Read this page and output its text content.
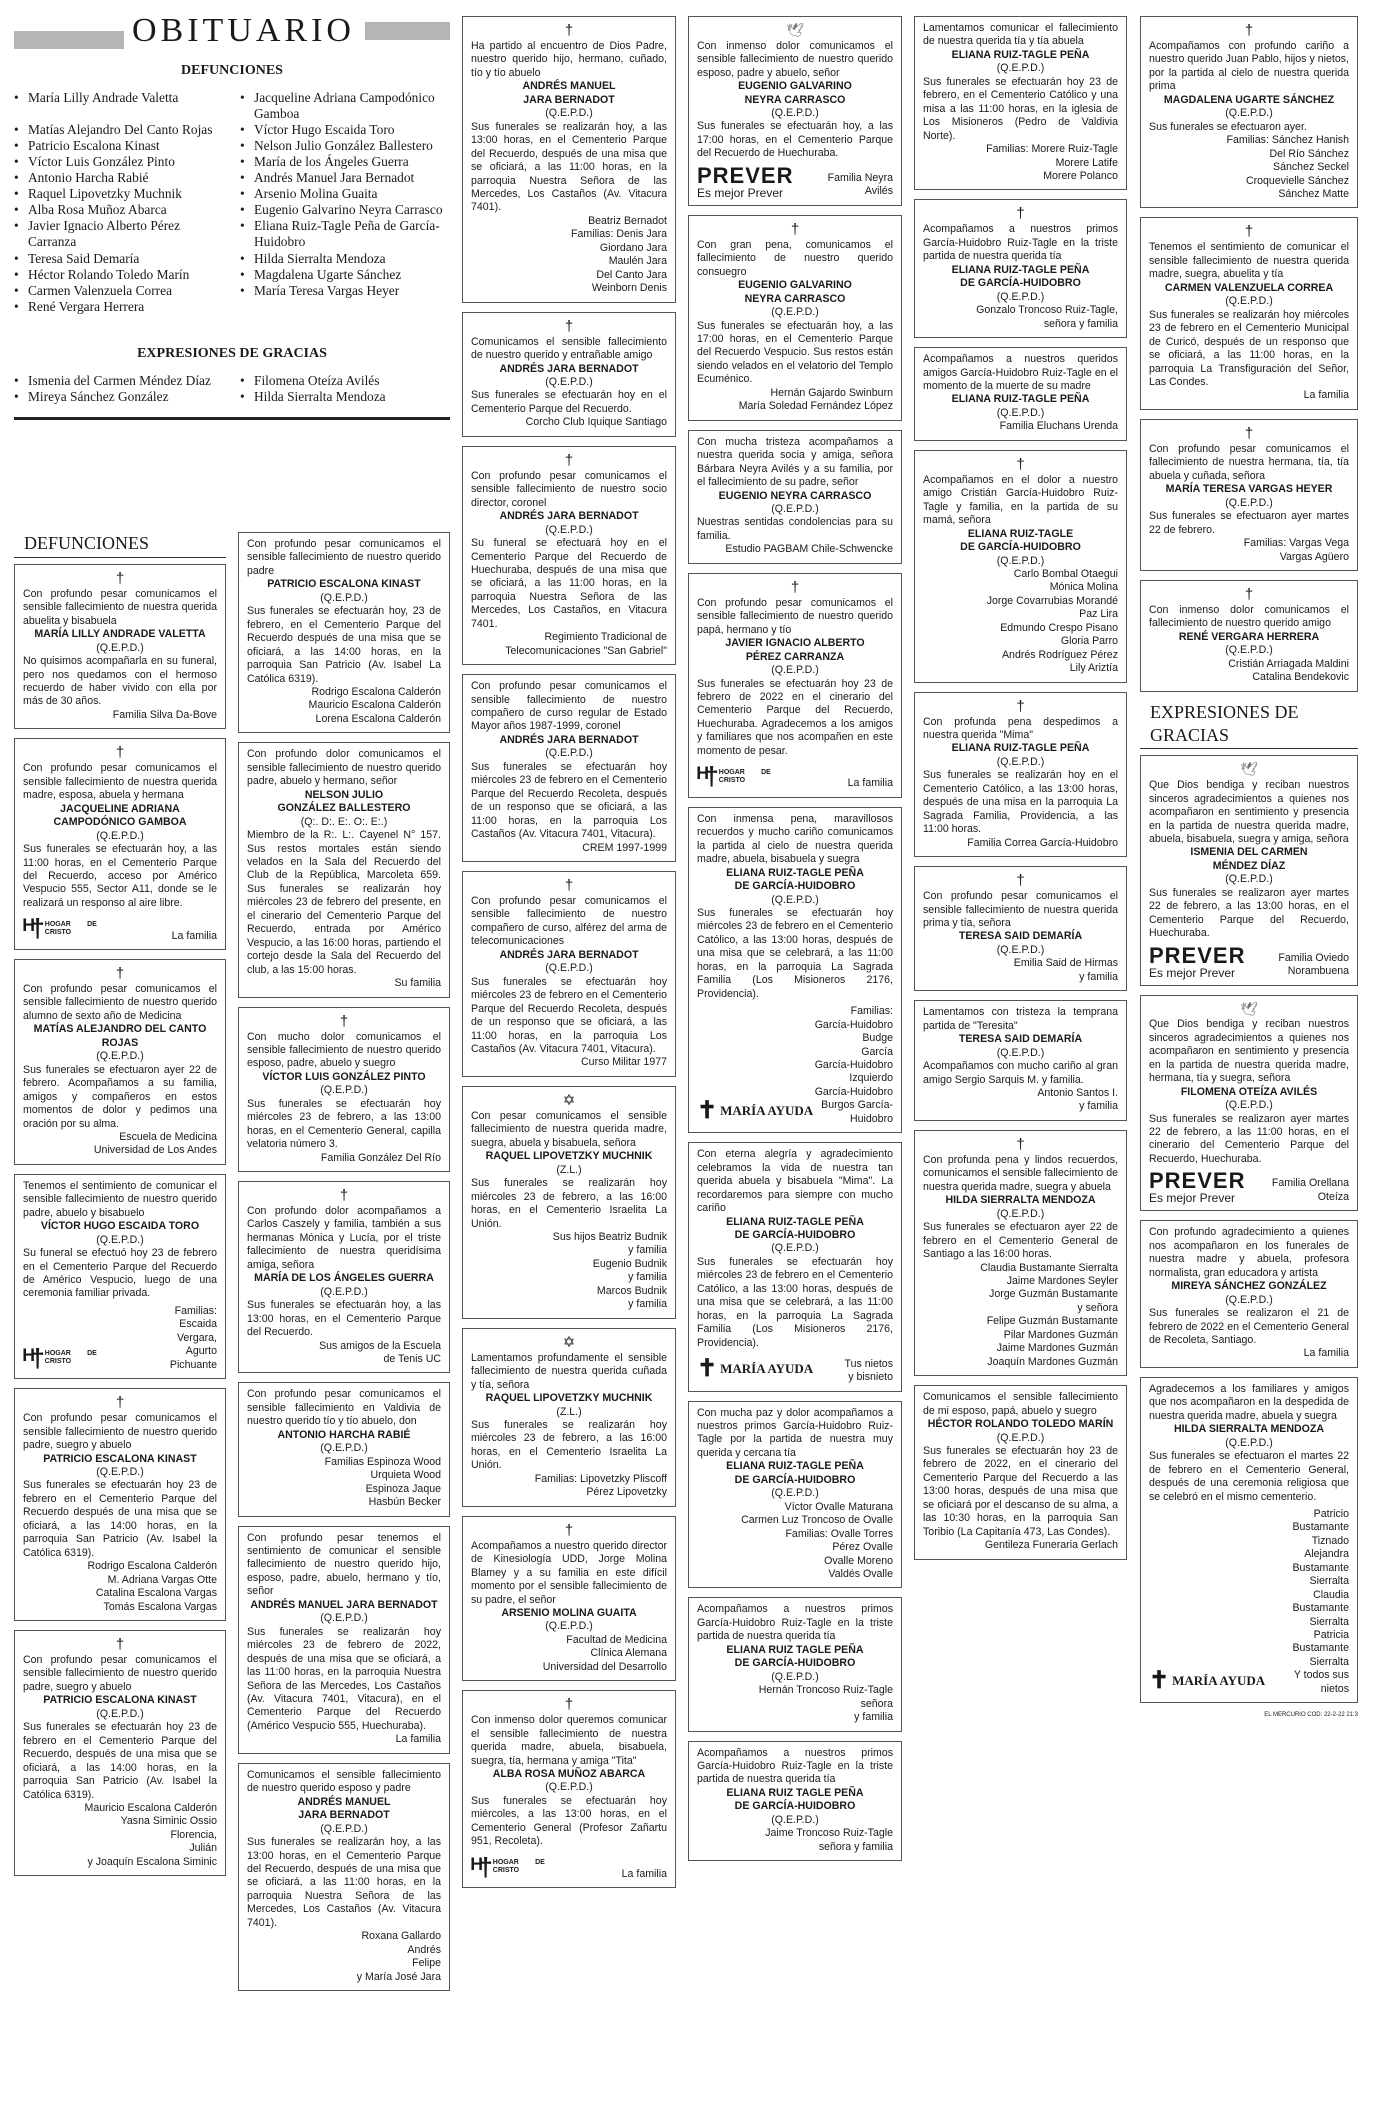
OBITUARIO
DEFUNCIONES
• María Lilly Andrade Valetta	• Jacqueline Adriana Campodónico Gamboa
• Matías Alejandro Del Canto Rojas	• Víctor Hugo Escaida Toro
• Patricio Escalona Kinast	• Nelson Julio González Ballestero
• Víctor Luis González Pinto	• María de los Ángeles Guerra
• Antonio Harcha Rabié	• Andrés Manuel Jara Bernadot
• Raquel Lipovetzky Muchnik	• Arsenio Molina Guaita
• Alba Rosa Muñoz Abarca	• Eugenio Galvarino Neyra Carrasco
• Javier Ignacio Alberto Pérez Carranza
• Eliana Ruiz-Tagle Peña de García-Huidobro
• Teresa Said Demaría	• Hilda Sierralta Mendoza
• Héctor Rolando Toledo Marín	• Magdalena Ugarte Sánchez
• Carmen Valenzuela Correa	• María Teresa Vargas Heyer
• René Vergara Herrera
EXPRESIONES DE GRACIAS
• Ismenia del Carmen Méndez Díaz	• Filomena Oteíza Avilés
• Mireya Sánchez González	• Hilda Sierralta Mendoza
DEFUNCIONES
†
Con profundo pesar comunicamos el sensible fallecimiento de nuestra querida abuelita y bisabuela
MARÍA LILLY ANDRADE VALETTA
(Q.E.P.D.)
No quisimos acompañarla en su funeral, pero nos quedamos con el hermoso recuerdo de haber vivido con ella por más de 30 años.
Familia Silva Da-Bove
†
Con profundo pesar comunicamos el sensible fallecimiento de nuestra querida madre, esposa, abuela y hermana
JACQUELINE ADRIANA CAMPODÓNICO GAMBOA
(Q.E.P.D.)
Sus funerales se efectuarán hoy, a las 11:00 horas, en el Cementerio Parque del Recuerdo, acceso por Américo Vespucio 555, Sector A11, donde se le realizará un responso al aire libre.
ᴴ† HOGAR DE CRISTO	La familia
†
Con profundo pesar comunicamos el sensible fallecimiento de nuestro querido alumno de sexto año de Medicina
MATÍAS ALEJANDRO DEL CANTO ROJAS
(Q.E.P.D.)
Sus funerales se efectuaron ayer 22 de febrero. Acompañamos a su familia, amigos y compañeros en estos momentos de dolor y pedimos una oración por su alma.
Escuela de Medicina
Universidad de Los Andes
Tenemos el sentimiento de comunicar el sensible fallecimiento de nuestro querido padre, abuelo y bisabuelo
VÍCTOR HUGO ESCAIDA TORO
(Q.E.P.D.)
Su funeral se efectuó hoy 23 de febrero en el Cementerio Parque del Recuerdo de Américo Vespucio, luego de una ceremonia familiar privada.
ᴴ† HOGAR DE CRISTO
Familias:
Escaida
Vergara,
Agurto
Pichuante
†
Con profundo pesar comunicamos el sensible fallecimiento de nuestro querido padre, suegro y abuelo
PATRICIO ESCALONA KINAST
(Q.E.P.D.)
Sus funerales se efectuarán hoy 23 de febrero en el Cementerio Parque del Recuerdo después de una misa que se oficiará, a las 14:00 horas, en la parroquia San Patricio (Av. Isabel la Católica 6319).
Rodrigo Escalona Calderón
M. Adriana Vargas Otte
Catalina Escalona Vargas
Tomás Escalona Vargas
†
Con profundo pesar comunicamos el sensible fallecimiento de nuestro querido padre, suegro y abuelo
PATRICIO ESCALONA KINAST
(Q.E.P.D.)
Sus funerales se efectuarán hoy 23 de febrero en el Cementerio Parque del Recuerdo, después de una misa que se oficiará, a las 14:00 horas, en la parroquia San Patricio (Av. Isabel la Católica 6319).
Mauricio Escalona Calderón
Yasna Siminic Ossio
Florencia,
Julián
y Joaquín Escalona Siminic
Con profundo pesar comunicamos el sensible fallecimiento de nuestro querido padre
PATRICIO ESCALONA KINAST
(Q.E.P.D.)
Sus funerales se efectuarán hoy, 23 de febrero, en el Cementerio Parque del Recuerdo después de una misa que se oficiará, a las 14:00 horas, en la parroquia San Patricio (Av. Isabel La Católica 6319).
Rodrigo Escalona Calderón
Mauricio Escalona Calderón
Lorena Escalona Calderón
Con profundo dolor comunicamos el sensible fallecimiento de nuestro querido padre, abuelo y hermano, señor
NELSON JULIO
GONZÁLEZ BALLESTERO
(Q:. D:. E:. O:. E:.)
Miembro de la R:. L:. Cayenel N° 157. Sus restos mortales están siendo velados en la Sala del Recuerdo del Club de la República, Marcoleta 659. Sus funerales se realizarán hoy miércoles 23 de febrero del presente, en el cinerario del Cementerio Parque del Recuerdo, entrada por Américo Vespucio, a las 16:00 horas, partiendo el cortejo desde la Sala del Recuerdo del club, a las 15:00 horas.
Su familia
†
Con mucho dolor comunicamos el sensible fallecimiento de nuestro querido esposo, padre, abuelo y suegro
VÍCTOR LUIS GONZÁLEZ PINTO
(Q.E.P.D.)
Sus funerales se efectuarán hoy miércoles 23 de febrero, a las 13:00 horas, en el Cementerio General, capilla velatoria número 3.
Familia González Del Río
†
Con profundo dolor acompañamos a Carlos Caszely y familia, también a sus hermanas Mónica y Lucía, por el triste fallecimiento de nuestra queridísima amiga, señora
MARÍA DE LOS ÁNGELES GUERRA
(Q.E.P.D.)
Sus funerales se efectuarán hoy, a las 13:00 horas, en el Cementerio Parque del Recuerdo.
Sus amigos de la Escuela
de Tenis UC
Con profundo pesar comunicamos el sensible fallecimiento en Valdivia de nuestro querido tío y tío abuelo, don
ANTONIO HARCHA RABIÉ
(Q.E.P.D.)
Familias Espinoza Wood
Urquieta Wood
Espinoza Jaque
Hasbún Becker
Con profundo pesar tenemos el sentimiento de comunicar el sensible fallecimiento de nuestro querido hijo, esposo, padre, abuelo, hermano y tío, señor
ANDRÉS MANUEL JARA BERNADOT
(Q.E.P.D.)
Sus funerales se realizarán hoy miércoles 23 de febrero de 2022, después de una misa que se oficiará, a las 11:00 horas, en la parroquia Nuestra Señora de las Mercedes, Los Castaños (Av. Vitacura 7401, Vitacura), en el Cementerio Parque del Recuerdo (Américo Vespucio 555, Huechuraba).
La familia
Comunicamos el sensible fallecimiento de nuestro querido esposo y padre
ANDRÉS MANUEL
JARA BERNADOT
(Q.E.P.D.)
Sus funerales se realizarán hoy, a las 13:00 horas, en el Cementerio Parque del Recuerdo, después de una misa que se oficiará, a las 11:00 horas, en la parroquia Nuestra Señora de las Mercedes, Los Castaños (Av. Vitacura 7401).
Roxana Gallardo
Andrés
Felipe
y María José Jara
†
Ha partido al encuentro de Dios Padre, nuestro querido hijo, hermano, cuñado, tío y tío abuelo
ANDRÉS MANUEL
JARA BERNADOT
(Q.E.P.D.)
Sus funerales se realizarán hoy, a las 13:00 horas, en el Cementerio Parque del Recuerdo, después de una misa que se oficiará, a las 11:00 horas, en la parroquia Nuestra Señora de las Mercedes, Los Castaños (Av. Vitacura 7401).
Beatriz Bernadot
Familias: Denis Jara
Giordano Jara
Maulén Jara
Del Canto Jara
Weinborn Denis
†
Comunicamos el sensible fallecimiento de nuestro querido y entrañable amigo
ANDRÉS JARA BERNADOT
(Q.E.P.D.)
Sus funerales se efectuarán hoy en el Cementerio Parque del Recuerdo.
Corcho Club Iquique Santiago
†
Con profundo pesar comunicamos el sensible fallecimiento de nuestro socio director, coronel
ANDRÉS JARA BERNADOT
(Q.E.P.D.)
Su funeral se efectuará hoy en el Cementerio Parque del Recuerdo de Huechuraba, después de una misa que se oficiará, a las 11:00 horas, en la parroquia Nuestra Señora de las Mercedes, Los Castaños, en Vitacura 7401.
Regimiento Tradicional de
Telecomunicaciones "San Gabriel"
Con profundo pesar comunicamos el sensible fallecimiento de nuestro compañero de curso regular de Estado Mayor años 1987-1999, coronel
ANDRÉS JARA BERNADOT
(Q.E.P.D.)
Sus funerales se efectuarán hoy miércoles 23 de febrero en el Cementerio Parque del Recuerdo Recoleta, después de un responso que se oficiará, a las 11:00 horas, en la parroquia Los Castaños (Av. Vitacura 7401, Vitacura).
CREM 1997-1999
†
Con profundo pesar comunicamos el sensible fallecimiento de nuestro compañero de curso, alférez del arma de telecomunicaciones
ANDRÉS JARA BERNADOT
(Q.E.P.D.)
Sus funerales se efectuarán hoy miércoles 23 de febrero en el Cementerio Parque del Recuerdo Recoleta, después de un responso que se oficiará, a las 11:00 horas, en la parroquia Los Castaños (Av. Vitacura 7401, Vitacura).
Curso Militar 1977
✡
Con pesar comunicamos el sensible fallecimiento de nuestra querida madre, suegra, abuela y bisabuela, señora
RAQUEL LIPOVETZKY MUCHNIK
(Z.L.)
Sus funerales se realizarán hoy miércoles 23 de febrero, a las 16:00 horas, en el Cementerio Israelita La Unión.
Sus hijos Beatriz Budnik
y familia
Eugenio Budnik
y familia
Marcos Budnik
y familia
✡
Lamentamos profundamente el sensible fallecimiento de nuestra querida cuñada y tía, señora
RAQUEL LIPOVETZKY MUCHNIK
(Z.L.)
Sus funerales se realizarán hoy miércoles 23 de febrero, a las 16:00 horas, en el Cementerio Israelita La Unión.
Familias: Lipovetzky Pliscoff
Pérez Lipovetzky
†
Acompañamos a nuestro querido director de Kinesiología UDD, Jorge Molina Blamey y a su familia en este difícil momento por el sensible fallecimiento de su padre, el señor
ARSENIO MOLINA GUAITA
(Q.E.P.D.)
Facultad de Medicina
Clínica Alemana
Universidad del Desarrollo
†
Con inmenso dolor queremos comunicar el sensible fallecimiento de nuestra querida madre, abuela, bisabuela, suegra, tía, hermana y amiga "Tita"
ALBA ROSA MUÑOZ ABARCA
(Q.E.P.D.)
Sus funerales se efectuarán hoy miércoles, a las 13:00 horas, en el Cementerio General (Profesor Zañartu 951, Recoleta).
ᴴ† HOGAR DE CRISTO	La familia
🕊
Con inmenso dolor comunicamos el sensible fallecimiento de nuestro querido esposo, padre y abuelo, señor
EUGENIO GALVARINO
NEYRA CARRASCO
(Q.E.P.D.)
Sus funerales se efectuarán hoy, a las 17:00 horas, en el Cementerio Parque del Recuerdo de Huechuraba.
PREVER
Es mejor Prever
Familia Neyra
Avilés
†
Con gran pena, comunicamos el fallecimiento de nuestro querido consuegro
EUGENIO GALVARINO
NEYRA CARRASCO
(Q.E.P.D.)
Sus funerales se efectuarán hoy, a las 17:00 horas, en el Cementerio Parque del Recuerdo Vespucio. Sus restos están siendo velados en el velatorio del Templo Ecuménico.
Hernán Gajardo Swinburn
María Soledad Fernández López
Con mucha tristeza acompañamos a nuestra querida socia y amiga, señora Bárbara Neyra Avilés y a su familia, por el fallecimiento de su padre, señor
EUGENIO NEYRA CARRASCO
(Q.E.P.D.)
Nuestras sentidas condolencias para su familia.
Estudio PAGBAM Chile-Schwencke
†
Con profundo pesar comunicamos el sensible fallecimiento de nuestro querido papá, hermano y tío
JAVIER IGNACIO ALBERTO
PÉREZ CARRANZA
(Q.E.P.D.)
Sus funerales se efectuarán hoy 23 de febrero de 2022 en el cinerario del Cementerio Parque del Recuerdo, Huechuraba. Agradecemos a los amigos y familiares que nos acompañen en este momento de pesar.
ᴴ† HOGAR DE CRISTO	La familia
Con inmensa pena, maravillosos recuerdos y mucho cariño comunicamos la partida al cielo de nuestra querida madre, abuela, bisabuela y suegra
ELIANA RUIZ-TAGLE PEÑA
DE GARCÍA-HUIDOBRO
(Q.E.P.D.)
Sus funerales se efectuarán hoy miércoles 23 de febrero en el Cementerio Católico, a las 13:00 horas, después de una misa que se celebrará, a las 11:00 horas, en la parroquia La Sagrada Familia (Los Misioneros 2176, Providencia).
✝ MARÍA AYUDA
Familias:
García-Huidobro
Budge
García
García-Huidobro
Izquierdo García-Huidobro
Burgos García-Huidobro
Con eterna alegría y agradecimiento celebramos la vida de nuestra tan querida abuela y bisabuela "Mima". La recordaremos para siempre con mucho cariño
ELIANA RUIZ-TAGLE PEÑA
DE GARCÍA-HUIDOBRO
(Q.E.P.D.)
Sus funerales se efectuarán hoy miércoles 23 de febrero en el Cementerio Católico, a las 13:00 horas, después de una misa que se celebrará, a las 11:00 horas, en la parroquia La Sagrada Familia (Los Misioneros 2176, Providencia).
✝ MARÍA AYUDA	Tus nietos
y bisnieto
Con mucha paz y dolor acompañamos a nuestros primos García-Huidobro Ruiz-Tagle por la partida de nuestra muy querida y cercana tía
ELIANA RUIZ-TAGLE PEÑA
DE GARCÍA-HUIDOBRO
(Q.E.P.D.)
Víctor Ovalle Maturana
Carmen Luz Troncoso de Ovalle
Familias: Ovalle Torres
Pérez Ovalle
Ovalle Moreno
Valdés Ovalle
Acompañamos a nuestros primos García-Huidobro Ruiz-Tagle en la triste partida de nuestra querida tía
ELIANA RUIZ TAGLE PEÑA
DE GARCÍA-HUIDOBRO
(Q.E.P.D.)
Hernán Troncoso Ruiz-Tagle
señora
y familia
Acompañamos a nuestros primos García-Huidobro Ruiz-Tagle en la triste partida de nuestra querida tía
ELIANA RUIZ TAGLE PEÑA
DE GARCÍA-HUIDOBRO
(Q.E.P.D.)
Jaime Troncoso Ruiz-Tagle
señora y familia
Lamentamos comunicar el fallecimiento de nuestra querida tía y tía abuela
ELIANA RUIZ-TAGLE PEÑA
(Q.E.P.D.)
Sus funerales se efectuarán hoy 23 de febrero, en el Cementerio Católico y una misa a las 11:00 horas, en la iglesia de Los Misioneros (Pedro de Valdivia Norte).
Familias: Morere Ruiz-Tagle
Morere Latife
Morere Polanco
†
Acompañamos a nuestros primos García-Huidobro Ruiz-Tagle en la triste partida de nuestra querida tía
ELIANA RUIZ-TAGLE PEÑA
DE GARCÍA-HUIDOBRO
(Q.E.P.D.)
Gonzalo Troncoso Ruiz-Tagle,
señora y familia
Acompañamos a nuestros queridos amigos García-Huidobro Ruiz-Tagle en el momento de la muerte de su madre
ELIANA RUIZ-TAGLE PEÑA
(Q.E.P.D.)
Familia Eluchans Urenda
†
Acompañamos en el dolor a nuestro amigo Cristián García-Huidobro Ruiz-Tagle y familia, en la partida de su mamá, señora
ELIANA RUIZ-TAGLE
DE GARCÍA-HUIDOBRO
(Q.E.P.D.)
Carlo Bombal Otaegui
Mónica Molina
Jorge Covarrubias Morandé
Paz Lira
Edmundo Crespo Pisano
Gloria Parro
Andrés Rodríguez Pérez
Lily Ariztía
†
Con profunda pena despedimos a nuestra querida "Mima"
ELIANA RUIZ-TAGLE PEÑA
(Q.E.P.D.)
Sus funerales se realizarán hoy en el Cementerio Católico, a las 13:00 horas, después de una misa en la parroquia La Sagrada Familia, Providencia, a las 11:00 horas.
Familia Correa García-Huidobro
†
Con profundo pesar comunicamos el sensible fallecimiento de nuestra querida prima y tía, señora
TERESA SAID DEMARÍA
(Q.E.P.D.)
Emilia Said de Hirmas
y familia
Lamentamos con tristeza la temprana partida de "Teresita"
TERESA SAID DEMARÍA
(Q.E.P.D.)
Acompañamos con mucho cariño al gran amigo Sergio Sarquis M. y familia.
Antonio Santos I.
y familia
†
Con profunda pena y lindos recuerdos, comunicamos el sensible fallecimiento de nuestra querida madre, suegra y abuela
HILDA SIERRALTA MENDOZA
(Q.E.P.D.)
Sus funerales se efectuaron ayer 22 de febrero en el Cementerio General de Santiago a las 16:00 horas.
Claudia Bustamante Sierralta
Jaime Mardones Seyler
Jorge Guzmán Bustamante
y señora
Felipe Guzmán Bustamante
Pilar Mardones Guzmán
Jaime Mardones Guzmán
Joaquín Mardones Guzmán
Comunicamos el sensible fallecimiento de mi esposo, papá, abuelo y suegro
HÉCTOR ROLANDO TOLEDO MARÍN
(Q.E.P.D.)
Sus funerales se efectuarán hoy 23 de febrero de 2022, en el cinerario del Cementerio Parque del Recuerdo a las 13:00 horas, después de una misa que se oficiará por el descanso de su alma, a las 10:30 horas, en la parroquia San Toribio (La Capitanía 473, Las Condes).
Gentileza Funeraria Gerlach
†
Acompañamos con profundo cariño a nuestro querido Juan Pablo, hijos y nietos, por la partida al cielo de nuestra querida prima
MAGDALENA UGARTE SÁNCHEZ
(Q.E.P.D.)
Sus funerales se efectuaron ayer.
Familias: Sánchez Hanish
Del Río Sánchez
Sánchez Seckel
Croquevielle Sánchez
Sánchez Matte
†
Tenemos el sentimiento de comunicar el sensible fallecimiento de nuestra querida madre, suegra, abuelita y tía
CARMEN VALENZUELA CORREA
(Q.E.P.D.)
Sus funerales se realizarán hoy miércoles 23 de febrero en el Cementerio Municipal de Curicó, después de un responso que se oficiará, a las 11:00 horas, en la parroquia La Transfiguración del Señor, Las Condes.
La familia
†
Con profundo pesar comunicamos el fallecimiento de nuestra hermana, tía, tía abuela y cuñada, señora
MARÍA TERESA VARGAS HEYER
(Q.E.P.D.)
Sus funerales se efectuaron ayer martes 22 de febrero.
Familias: Vargas Vega
Vargas Agüero
†
Con inmenso dolor comunicamos el fallecimiento de nuestro querido amigo
RENÉ VERGARA HERRERA
(Q.E.P.D.)
Cristián Arriagada Maldini
Catalina Bendekovic
EXPRESIONES DE GRACIAS
🕊
Que Dios bendiga y reciban nuestros sinceros agradecimientos a quienes nos acompañaron en sentimiento y presencia en la partida de nuestra querida madre, abuela, bisabuela, suegra y amiga, señora
ISMENIA DEL CARMEN
MÉNDEZ DÍAZ
(Q.E.P.D.)
Sus funerales se realizaron ayer martes 22 de febrero, a las 13:00 horas, en el Cementerio Parque del Recuerdo, Huechuraba.
PREVER
Es mejor Prever
Familia Oviedo
Norambuena
🕊
Que Dios bendiga y reciban nuestros sinceros agradecimientos a quienes nos acompañaron en sentimiento y presencia en la partida de nuestra querida madre, hermana, tía y suegra, señora
FILOMENA OTEÍZA AVILÉS
(Q.E.P.D.)
Sus funerales se realizaron ayer martes 22 de febrero, a las 11:00 horas, en el cinerario del Cementerio Parque del Recuerdo, Huechuraba.
PREVER
Es mejor Prever
Familia Orellana
Oteíza
Con profundo agradecimiento a quienes nos acompañaron en los funerales de nuestra madre y abuela, profesora normalista, gran educadora y artista
MIREYA SÁNCHEZ GONZÁLEZ
(Q.E.P.D.)
Sus funerales se realizaron el 21 de febrero de 2022 en el Cementerio General de Recoleta, Santiago.
La familia
Agradecemos a los familiares y amigos que nos acompañaron en la despedida de nuestra querida madre, abuela y suegra
HILDA SIERRALTA MENDOZA
(Q.E.P.D.)
Sus funerales se efectuaron el martes 22 de febrero en el Cementerio General, después de una ceremonia religiosa que se celebró en el mismo cementerio.
✝ MARÍA AYUDA
Patricio
Bustamante
Tiznado
Alejandra
Bustamante Sierralta
Claudia Bustamante Sierralta
Patricia Bustamante Sierralta
Y todos sus nietos
EL MERCURIO COD: 22-2-22 21:3
